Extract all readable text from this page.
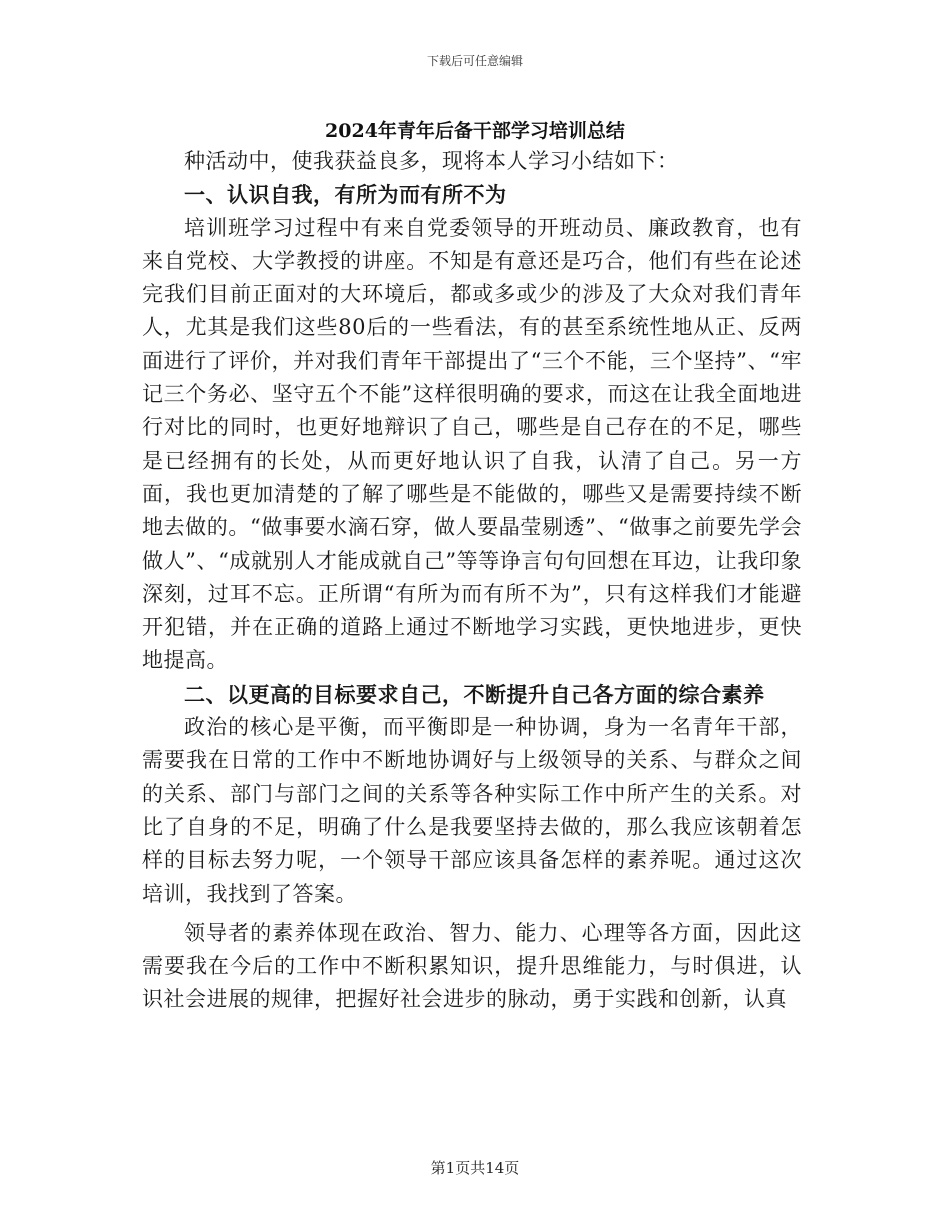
下载后可任意编辑
2024年青年后备干部学习培训总结

种活动中，使我获益良多，现将本人学习小结如下：

一、认识自我，有所为而有所不为

培训班学习过程中有来自党委领导的开班动员、廉政教育，也有来自党校、大学教授的讲座。不知是有意还是巧合，他们有些在论述完我们目前正面对的大环境后，都或多或少的涉及了大众对我们青年人，尤其是我们这些80后的一些看法，有的甚至系统性地从正、反两面进行了评价，并对我们青年干部提出了“三个不能，三个坚持”、“牢记三个务必、坚守五个不能”这样很明确的要求，而这在让我全面地进行对比的同时，也更好地辩识了自己，哪些是自己存在的不足，哪些是已经拥有的长处，从而更好地认识了自我，认清了自己。另一方面，我也更加清楚的了解了哪些是不能做的，哪些又是需要持续不断地去做的。“做事要水滴石穿，做人要晶莹剔透”、“做事之前要先学会做人”、“成就别人才能成就自己”等等诤言句句回想在耳边，让我印象深刻，过耳不忘。正所谓“有所为而有所不为”，只有这样我们才能避开犯错，并在正确的道路上通过不断地学习实践，更快地进步，更快地提高。

二、以更高的目标要求自己，不断提升自己各方面的综合素养

政治的核心是平衡，而平衡即是一种协调，身为一名青年干部，需要我在日常的工作中不断地协调好与上级领导的关系、与群众之间的关系、部门与部门之间的关系等各种实际工作中所产生的关系。对比了自身的不足，明确了什么是我要坚持去做的，那么我应该朝着怎样的目标去努力呢，一个领导干部应该具备怎样的素养呢。通过这次培训，我找到了答案。

领导者的素养体现在政治、智力、能力、心理等各方面，因此这需要我在今后的工作中不断积累知识，提升思维能力，与时俱进，认识社会进展的规律，把握好社会进步的脉动，勇于实践和创新，认真

第1页共14页
